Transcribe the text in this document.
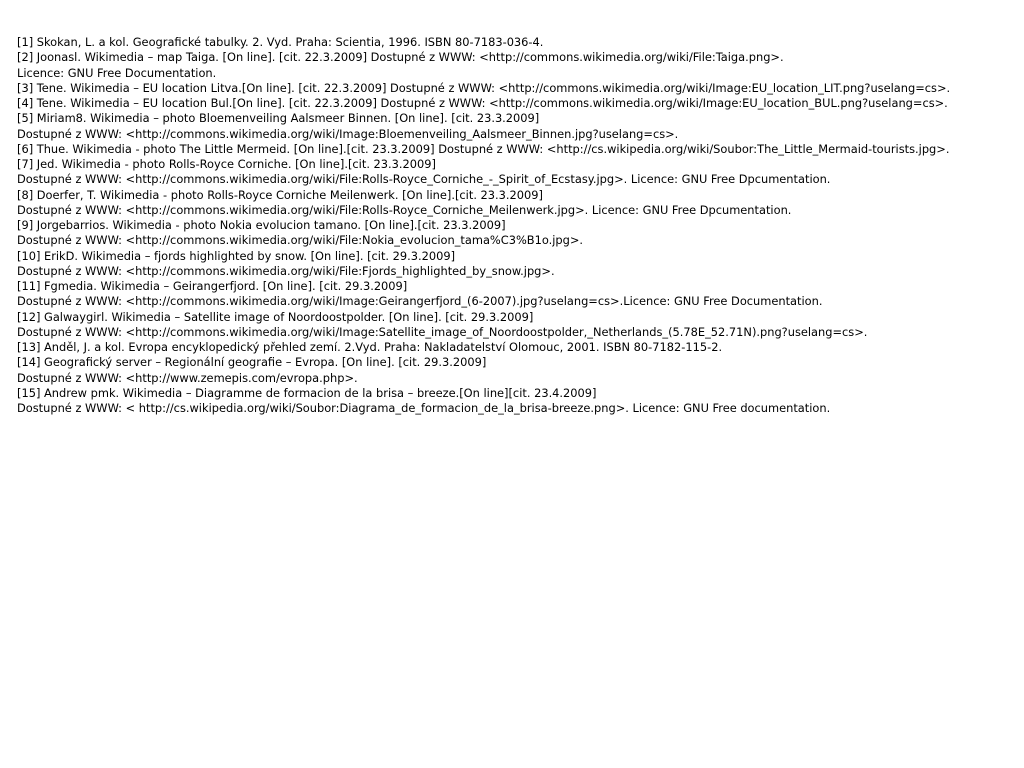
[1] Skokan, L. a kol. Geografické tabulky. 2. Vyd. Praha: Scientia, 1996. ISBN 80-7183-036-4.
[2] Joonasl. Wikimedia – map Taiga. [On line]. [cit. 22.3.2009] Dostupné z WWW: <http://commons.wikimedia.org/wiki/File:Taiga.png>.
Licence: GNU Free Documentation.
[3] Tene. Wikimedia – EU location Litva.[On line]. [cit. 22.3.2009] Dostupné z WWW: <http://commons.wikimedia.org/wiki/Image:EU_location_LIT.png?uselang=cs>.
[4] Tene. Wikimedia – EU location Bul.[On line]. [cit. 22.3.2009] Dostupné z WWW: <http://commons.wikimedia.org/wiki/Image:EU_location_BUL.png?uselang=cs>.
[5] Miriam8. Wikimedia – photo Bloemenveiling Aalsmeer Binnen. [On line]. [cit. 23.3.2009]
Dostupné z WWW: <http://commons.wikimedia.org/wiki/Image:Bloemenveiling_Aalsmeer_Binnen.jpg?uselang=cs>.
[6] Thue. Wikimedia - photo The Little Mermeid. [On line].[cit. 23.3.2009] Dostupné z WWW: <http://cs.wikipedia.org/wiki/Soubor:The_Little_Mermaid-tourists.jpg>.
[7] Jed. Wikimedia - photo Rolls-Royce Corniche. [On line].[cit. 23.3.2009]
Dostupné z WWW: <http://commons.wikimedia.org/wiki/File:Rolls-Royce_Corniche_-_Spirit_of_Ecstasy.jpg>. Licence: GNU Free Dpcumentation.
[8] Doerfer, T. Wikimedia - photo Rolls-Royce Corniche Meilenwerk. [On line].[cit. 23.3.2009]
Dostupné z WWW: <http://commons.wikimedia.org/wiki/File:Rolls-Royce_Corniche_Meilenwerk.jpg>. Licence: GNU Free Dpcumentation.
[9] Jorgebarrios. Wikimedia - photo Nokia evolucion tamano. [On line].[cit. 23.3.2009]
Dostupné z WWW: <http://commons.wikimedia.org/wiki/File:Nokia_evolucion_tama%C3%B1o.jpg>.
[10] ErikD. Wikimedia – fjords highlighted by snow. [On line]. [cit. 29.3.2009]
Dostupné z WWW: <http://commons.wikimedia.org/wiki/File:Fjords_highlighted_by_snow.jpg>.
[11] Fgmedia. Wikimedia – Geirangerfjord. [On line]. [cit. 29.3.2009]
Dostupné z WWW: <http://commons.wikimedia.org/wiki/Image:Geirangerfjord_(6-2007).jpg?uselang=cs>.Licence: GNU Free Documentation.
[12] Galwaygirl. Wikimedia – Satellite image of Noordoostpolder. [On line]. [cit. 29.3.2009]
Dostupné z WWW: <http://commons.wikimedia.org/wiki/Image:Satellite_image_of_Noordoostpolder,_Netherlands_(5.78E_52.71N).png?uselang=cs>.
[13] Anděl, J. a kol. Evropa encyklopedický přehled zemí. 2.Vyd. Praha: Nakladatelství Olomouc, 2001. ISBN 80-7182-115-2.
[14] Geografický server – Regionální geografie – Evropa. [On line]. [cit. 29.3.2009]
Dostupné z WWW: <http://www.zemepis.com/evropa.php>.
[15] Andrew pmk. Wikimedia – Diagramme de formacion de la brisa – breeze.[On line][cit. 23.4.2009]
Dostupné z WWW: < http://cs.wikipedia.org/wiki/Soubor:Diagrama_de_formacion_de_la_brisa-breeze.png>. Licence: GNU Free documentation.
